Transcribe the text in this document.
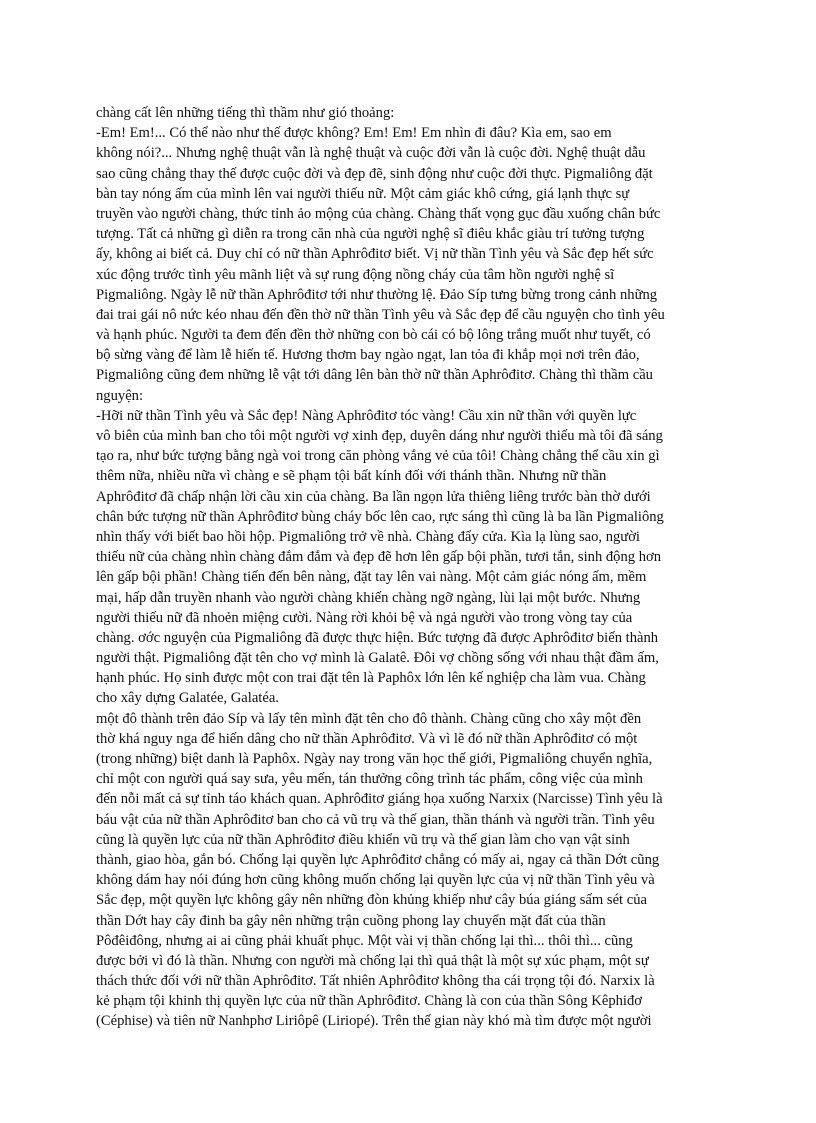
chàng cất lên những tiếng thì thầm như gió thoảng:
-Em! Em!... Có thể nào như thế được không? Em! Em! Em nhìn đi đâu? Kìa em, sao em
không nói?... Nhưng nghệ thuật vẫn là nghệ thuật và cuộc đời vẫn là cuộc đời. Nghệ thuật dẫu
sao cũng chẳng thay thế được cuộc đời và đẹp đẽ, sinh động như cuộc đời thực. Pigmaliông đặt
bàn tay nóng ấm của mình lên vai người thiếu nữ. Một cảm giác khô cứng, giá lạnh thực sự
truyền vào người chàng, thức tỉnh ảo mộng của chàng. Chàng thất vọng gục đầu xuống chân bức
tượng. Tất cả những gì diễn ra trong căn nhà của người nghệ sĩ điêu khắc giàu trí tưởng tượng
ấy, không ai biết cả. Duy chỉ có nữ thần Aphrôđitơ biết. Vị nữ thần Tình yêu và Sắc đẹp hết sức
xúc động trước tình yêu mãnh liệt và sự rung động nồng cháy của tâm hồn người nghệ sĩ
Pigmaliông. Ngày lễ nữ thần Aphrôđitơ tới như thường lệ. Đảo Síp tưng bừng trong cảnh những
đai trai gái nô nức kéo nhau đến đền thờ nữ thần Tình yêu và Sắc đẹp để cầu nguyện cho tình yêu
và hạnh phúc. Người ta đem đến đền thờ những con bò cái có bộ lông trắng muốt như tuyết, có
bộ sừng vàng để làm lễ hiến tế. Hương thơm bay ngào ngạt, lan tỏa đi khắp mọi nơi trên đảo,
Pigmaliông cũng đem những lễ vật tới dâng lên bàn thờ nữ thần Aphrôđitơ. Chàng thì thầm cầu
nguyện:
-Hỡi nữ thần Tình yêu và Sắc đẹp! Nàng Aphrôđitơ tóc vàng! Cầu xin nữ thần với quyền lực
vô biên của mình ban cho tôi một người vợ xinh đẹp, duyên dáng như người thiếu mà tôi đã sáng
tạo ra, như bức tượng bằng ngà voi trong căn phòng vắng vẻ của tôi! Chàng chẳng thể cầu xin gì
thêm nữa, nhiều nữa vì chàng e sẽ phạm tội bất kính đối với thánh thần. Nhưng nữ thần
Aphrôđitơ đã chấp nhận lời cầu xin của chàng. Ba lần ngọn lửa thiêng liêng trước bàn thờ dưới
chân bức tượng nữ thần Aphrôđitơ bùng cháy bốc lên cao, rực sáng thì cũng là ba lần Pigmaliông
nhìn thấy với biết bao hồi hộp. Pigmaliông trở về nhà. Chàng đẩy cửa. Kìa lạ lùng sao, người
thiếu nữ của chàng nhìn chàng đắm đắm và đẹp đẽ hơn lên gấp bội phần, tươi tắn, sinh động hơn
lên gấp bội phần! Chàng tiến đến bên nàng, đặt tay lên vai nàng. Một cảm giác nóng ấm, mềm
mại, hấp dẫn truyền nhanh vào người chàng khiến chàng ngỡ ngàng, lùi lại một bước. Nhưng
người thiếu nữ đã nhoẻn miệng cười. Nàng rời khỏi bệ và ngả người vào trong vòng tay của
chàng. ơớc nguyện của Pigmaliông đã được thực hiện. Bức tượng đã được Aphrôđitơ biến thành
người thật. Pigmaliông đặt tên cho vợ mình là Galatê. Đôi vợ chồng sống với nhau thật đầm ấm,
hạnh phúc. Họ sinh được một con trai đặt tên là Paphôx lớn lên kế nghiệp cha làm vua. Chàng
cho xây dựng Galatée, Galatéa.
một đô thành trên đảo Síp và lấy tên mình đặt tên cho đô thành. Chàng cũng cho xây một đền
thờ khá nguy nga để hiến dâng cho nữ thần Aphrôđitơ. Và vì lẽ đó nữ thần Aphrôđitơ có một
(trong những) biệt danh là Paphôx. Ngày nay trong văn học thế giới, Pigmaliông chuyển nghĩa,
chỉ một con người quá say sưa, yêu mến, tán thưởng công trình tác phẩm, công việc của mình
đến nỗi mất cả sự tỉnh táo khách quan. Aphrôđitơ giáng họa xuống Narxix (Narcisse) Tình yêu là
báu vật của nữ thần Aphrôđitơ ban cho cả vũ trụ và thế gian, thần thánh và người trần. Tình yêu
cũng là quyền lực của nữ thần Aphrôđitơ điều khiển vũ trụ và thế gian làm cho vạn vật sinh
thành, giao hòa, gắn bó. Chống lại quyền lực Aphrôđitơ chẳng có mấy ai, ngay cả thần Dớt cũng
không dám hay nói đúng hơn cũng không muốn chống lại quyền lực của vị nữ thần Tình yêu và
Sắc đẹp, một quyền lực không gây nên những đòn khủng khiếp như cây búa giáng sấm sét của
thần Dớt hay cây đinh ba gây nên những trận cuồng phong lay chuyển mặt đất của thần
Pôđêiđông, nhưng ai ai cũng phải khuất phục. Một vài vị thần chống lại thì... thôi thì... cũng
được bởi vì đó là thần. Nhưng con người mà chống lại thì quả thật là một sự xúc phạm, một sự
thách thức đối với nữ thần Aphrôđitơ. Tất nhiên Aphrôđitơ không tha cái trọng tội đó. Narxix là
kẻ phạm tội khinh thị quyền lực của nữ thần Aphrôđitơ. Chàng là con của thần Sông Kêphiđơ
(Céphise) và tiên nữ Nanhphơ Liriôpê (Liriopé). Trên thế gian này khó mà tìm được một người
